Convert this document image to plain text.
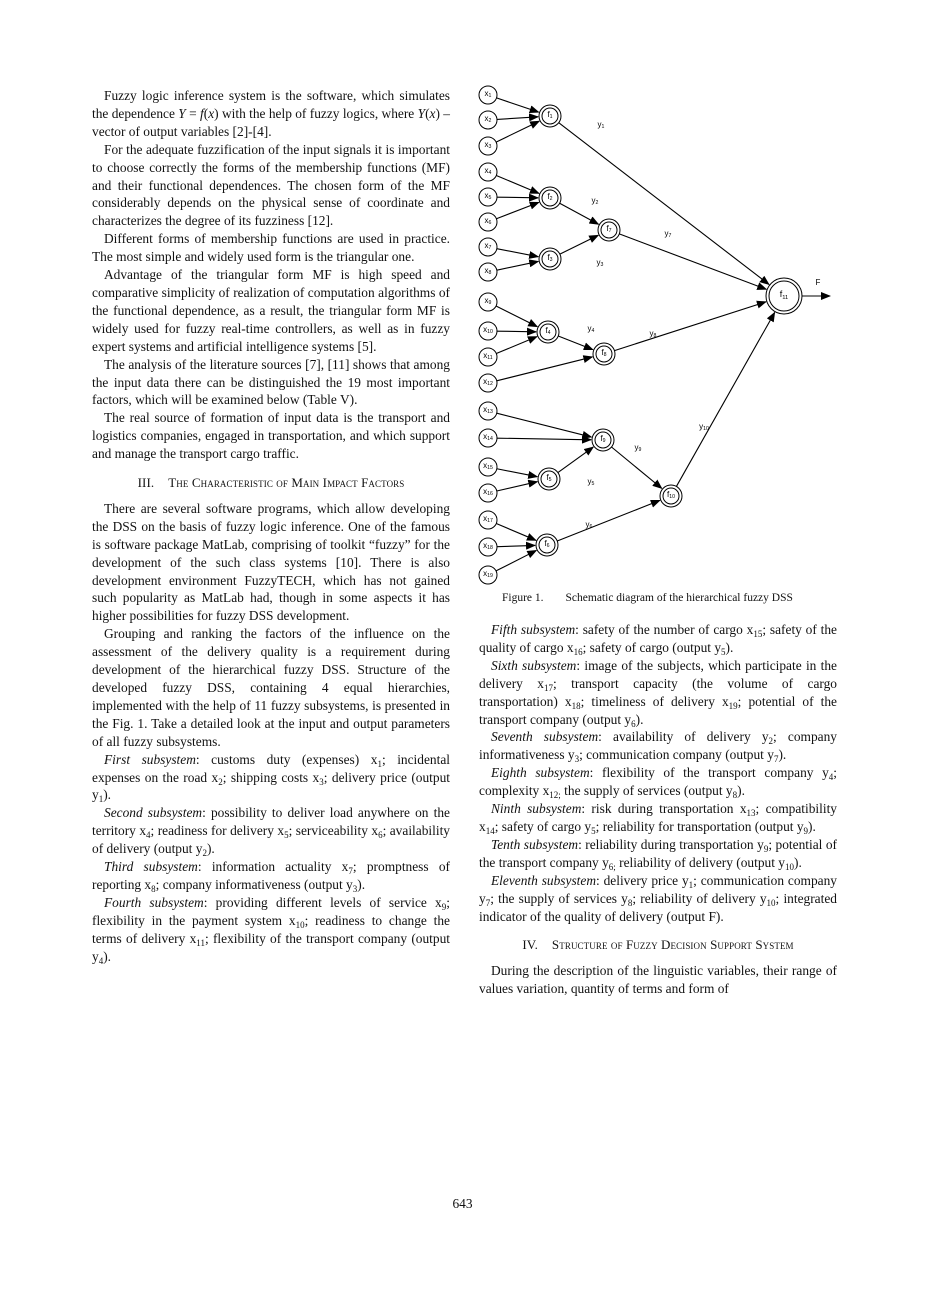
Fuzzy logic inference system is the software, which simulates the dependence Y = f(x) with the help of fuzzy logics, where Y(x) – vector of output variables [2]-[4].

For the adequate fuzzification of the input signals it is important to choose correctly the forms of the membership functions (MF) and their functional dependences. The chosen form of the MF considerably depends on the physical sense of coordinate and characterizes the degree of its fuzziness [12].

Different forms of membership functions are used in practice. The most simple and widely used form is the triangular one.

Advantage of the triangular form MF is high speed and comparative simplicity of realization of computation algorithms of the functional dependence, as a result, the triangular form MF is widely used for fuzzy real-time controllers, as well as in fuzzy expert systems and artificial intelligence systems [5].

The analysis of the literature sources [7], [11] shows that among the input data there can be distinguished the 19 most important factors, which will be examined below (Table V).

The real source of formation of input data is the transport and logistics companies, engaged in transportation, and which support and manage the transport cargo traffic.

III. The Characteristic of Main Impact Factors

There are several software programs, which allow developing the DSS on the basis of fuzzy logic inference. One of the famous is software package MatLab, comprising of toolkit “fuzzy” for the development of the such class systems [10]. There is also development environment FuzzyTECH, which has not gained such popularity as MatLab had, though in some aspects it has higher possibilities for fuzzy DSS development.

Grouping and ranking the factors of the influence on the assessment of the delivery quality is a requirement during development of the hierarchical fuzzy DSS. Structure of the developed fuzzy DSS, containing 4 equal hierarchies, implemented with the help of 11 fuzzy subsystems, is presented in the Fig. 1. Take a detailed look at the input and output parameters of all fuzzy subsystems.

First subsystem: customs duty (expenses) $x_1$; incidental expenses on the road $x_2$; shipping costs $x_3$; delivery price (output $y_1$).

Second subsystem: possibility to deliver load anywhere on the territory $x_4$; readiness for delivery $x_5$; serviceability $x_6$; availability of delivery (output $y_2$).

Third subsystem: information actuality $x_7$; promptness of reporting $x_8$; company informativeness (output $y_3$).

Fourth subsystem: providing different levels of service $x_9$; flexibility in the payment system $x_{10}$; readiness to change the terms of delivery $x_{11}$; flexibility of the transport company (output $y_4$).

Fifth subsystem: safety of the number of cargo $x_{15}$; safety of the quality of cargo $x_{16}$; safety of cargo (output $y_5$).

Sixth subsystem: image of the subjects, which participate in the delivery $x_{17}$; transport capacity (the volume of cargo transportation) $x_{18}$; timeliness of delivery $x_{19}$; potential of the transport company (output $y_6$).

Seventh subsystem: availability of delivery $y_2$; company informativeness $y_3$; communication company (output $y_7$).

Eighth subsystem: flexibility of the transport company $y_4$; complexity $x_{12;}$ the supply of services (output $y_8$).

Ninth subsystem: risk during transportation $x_{13}$; compatibility $x_{14}$; safety of cargo $y_5$; reliability for transportation (output $y_9$).

Tenth subsystem: reliability during transportation $y_9$; potential of the transport company $y_{6;}$ reliability of delivery (output $y_{10}$).

Eleventh subsystem: delivery price $y_1$; communication company $y_7$; the supply of services $y_8$; reliability of delivery $y_{10}$; integrated indicator of the quality of delivery (output F).

IV. Structure of Fuzzy Decision Support System

During the description of the linguistic variables, their range of values variation, quantity of terms and form of

$x_1$
$x_2$
$x_3$
$x_4$
$x_5$
$x_6$
$x_7$
$x_8$
$x_9$
$x_{10}$
$x_{11}$
$x_{12}$
$x_{13}$
$x_{14}$
$x_{15}$
$x_{16}$
$x_{17}$
$x_{18}$
$x_{19}$
$f_1$
$f_2$
$f_3$
$f_4$
$f_5$
$f_6$
$f_7$
$f_8$
$f_9$
$f_{10}$
$f_{11}$
$y_1$
$y_2$
$y_3$
$y_4$
$y_5$
$y_6$
$y_7$
$y_8$
$y_9$
$y_{10}$
F
Figure 1. Schematic diagram of the hierarchical fuzzy DSS
643
